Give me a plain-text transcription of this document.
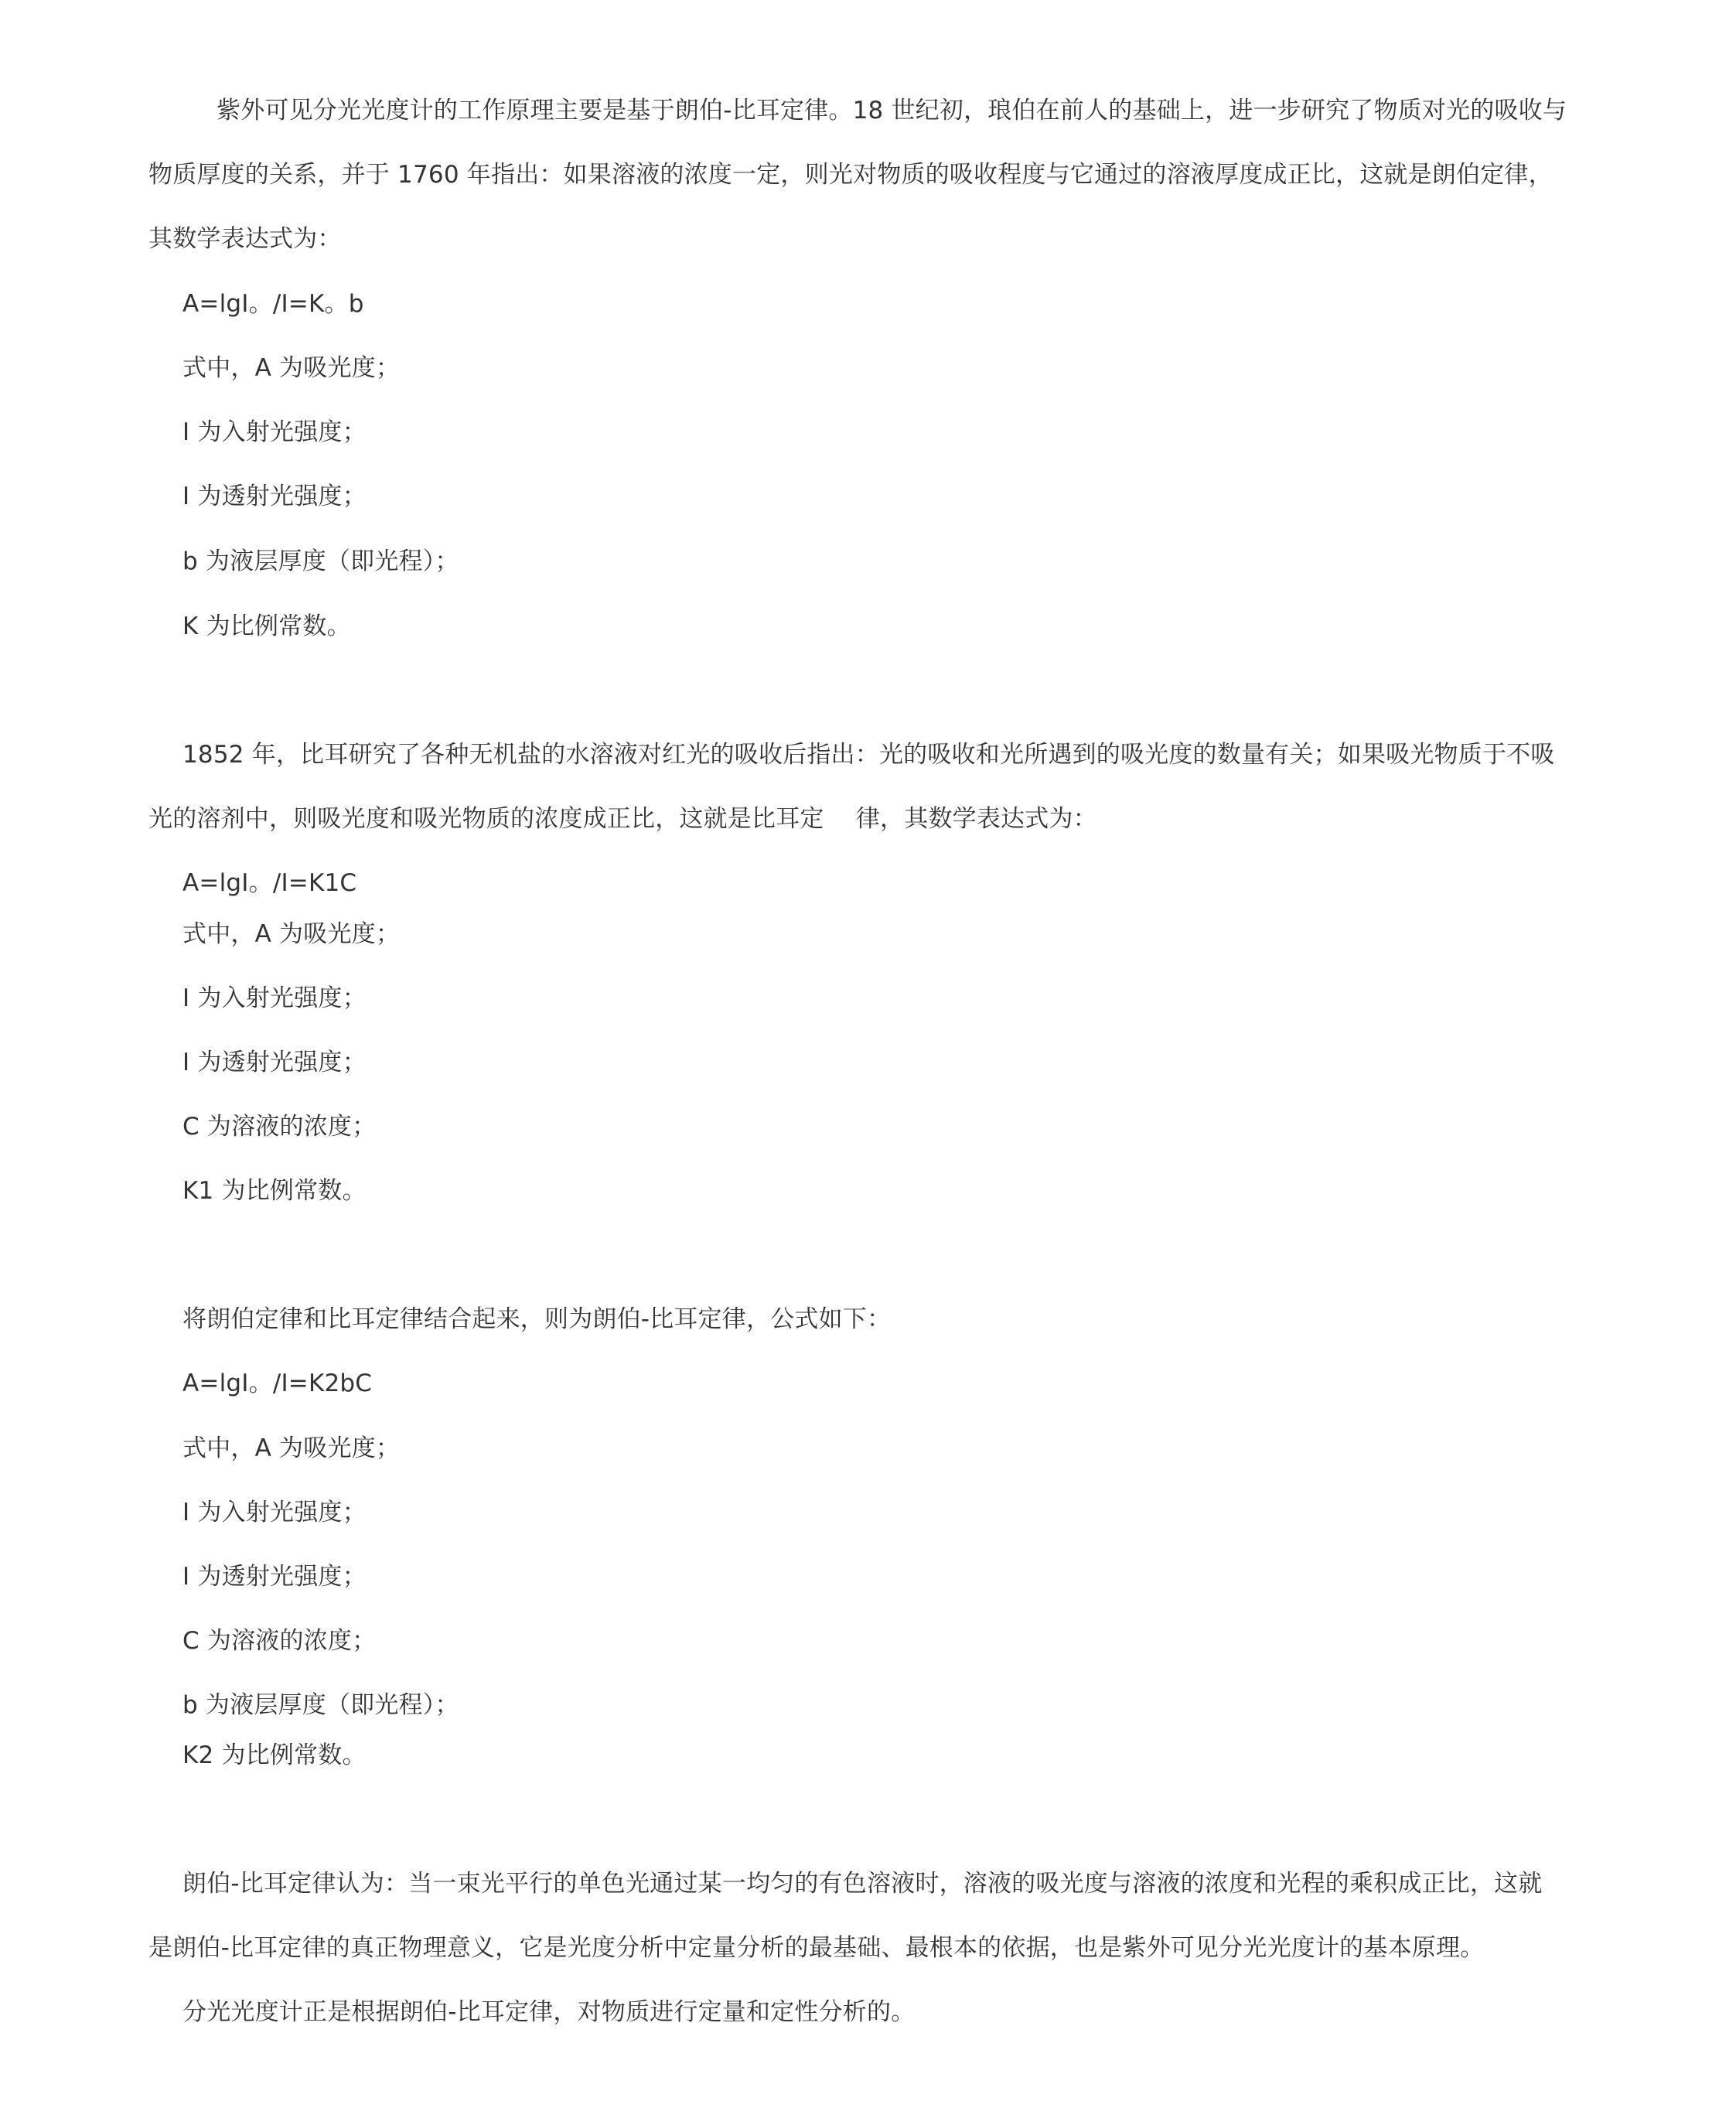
紫外可见分光光度计的工作原理主要是基于朗伯-比耳定律。18 世纪初，琅伯在前人的基础上，进一步研究了物质对光的吸收与
物质厚度的关系，并于 1760 年指出：如果溶液的浓度一定，则光对物质的吸收程度与它通过的溶液厚度成正比，这就是朗伯定律，
其数学表达式为：
A=lgI。/I=K。b
式中，A 为吸光度；
I 为入射光强度；
I 为透射光强度；
b 为液层厚度（即光程）；
K 为比例常数。
1852 年，比耳研究了各种无机盐的水溶液对红光的吸收后指出：光的吸收和光所遇到的吸光度的数量有关；如果吸光物质于不吸
光的溶剂中，则吸光度和吸光物质的浓度成正比，这就是比耳定　 律，其数学表达式为：
A=lgI。/I=K1C
式中，A 为吸光度；
I 为入射光强度；
I 为透射光强度；
C 为溶液的浓度；
K1 为比例常数。
将朗伯定律和比耳定律结合起来，则为朗伯-比耳定律，公式如下：
A=lgI。/I=K2bC
式中，A 为吸光度；
I 为入射光强度；
I 为透射光强度；
C 为溶液的浓度；
b 为液层厚度（即光程）；
K2 为比例常数。
朗伯-比耳定律认为：当一束光平行的单色光通过某一均匀的有色溶液时，溶液的吸光度与溶液的浓度和光程的乘积成正比，这就
是朗伯-比耳定律的真正物理意义，它是光度分析中定量分析的最基础、最根本的依据，也是紫外可见分光光度计的基本原理。
分光光度计正是根据朗伯-比耳定律，对物质进行定量和定性分析的。
